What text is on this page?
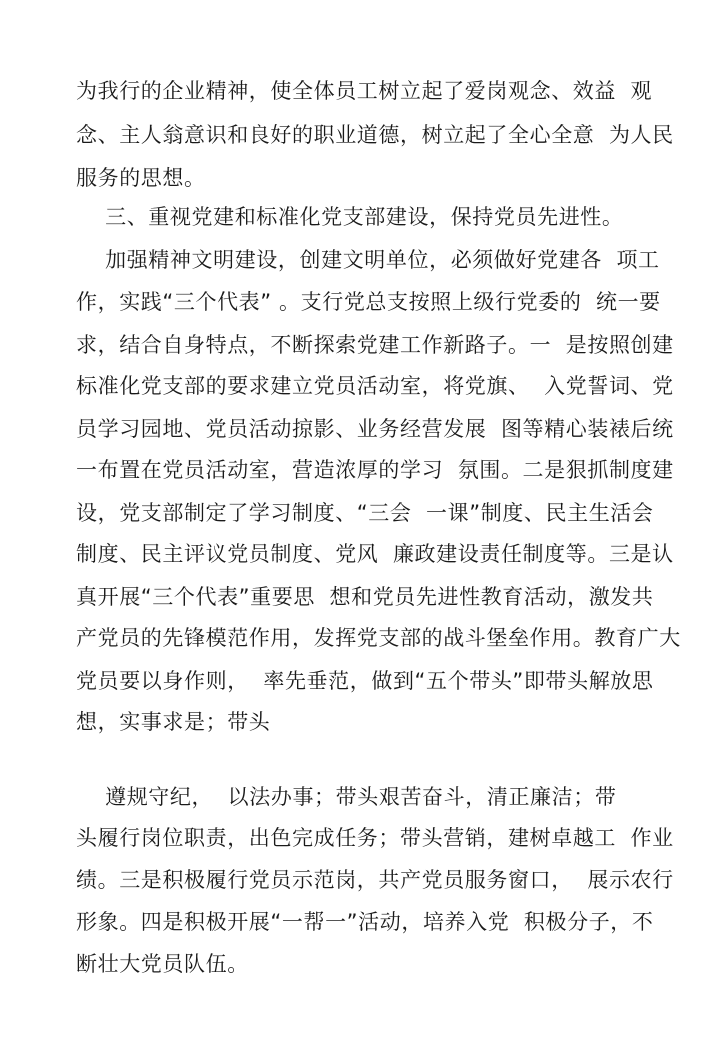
为我行的企业精神，使全体员工树立起了爱岗观念、效益  观
念、主人翁意识和良好的职业道德，树立起了全心全意  为人民
服务的思想。
三、重视党建和标准化党支部建设，保持党员先进性。
加强精神文明建设，创建文明单位，必须做好党建各  项工
作，实践“三个代表” 。支行党总支按照上级行党委的  统一要
求，结合自身特点，不断探索党建工作新路子。一  是按照创建
标准化党支部的要求建立党员活动室，将党旗、  入党誓词、党
员学习园地、党员活动掠影、业务经营发展  图等精心装裱后统
一布置在党员活动室，营造浓厚的学习  氛围。二是狠抓制度建
设，党支部制定了学习制度、“三会  一课”制度、民主生活会
制度、民主评议党员制度、党风  廉政建设责任制度等。三是认
真开展“三个代表”重要思  想和党员先进性教育活动，激发共
产党员的先锋模范作用，发挥党支部的战斗堡垒作用。教育广大
党员要以身作则，  率先垂范，做到“五个带头”即带头解放思
想，实事求是；带头
遵规守纪，  以法办事；带头艰苦奋斗，清正廉洁；带
头履行岗位职责，出色完成任务；带头营销，建树卓越工  作业
绩。三是积极履行党员示范岗，共产党员服务窗口，  展示农行
形象。四是积极开展“一帮一”活动，培养入党  积极分子，不
断壮大党员队伍。
